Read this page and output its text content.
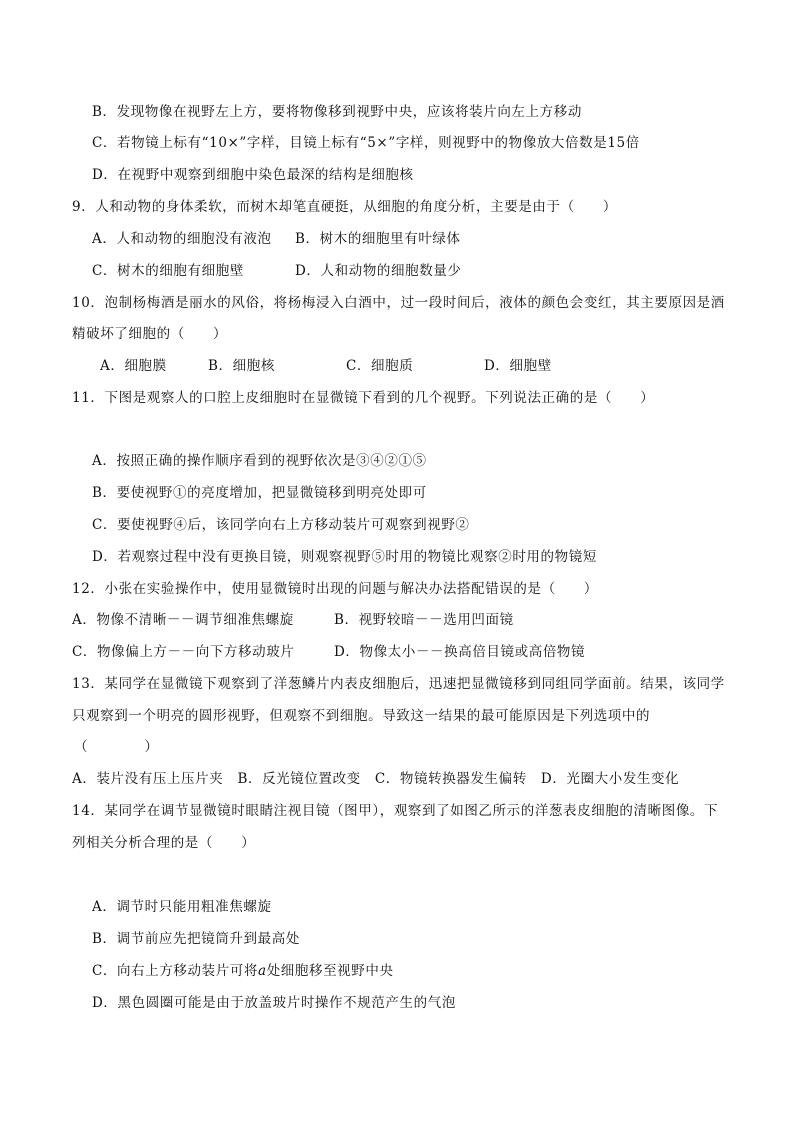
B．发现物像在视野左上方，要将物像移到视野中央，应该将装片向左上方移动
C．若物镜上标有“10×”字样，目镜上标有“5×”字样，则视野中的物像放大倍数是15倍
D．在视野中观察到细胞中染色最深的结构是细胞核
9．人和动物的身体柔软，而树木却笔直硬挺，从细胞的角度分析，主要是由于（　　）
A．人和动物的细胞没有液泡 B．树木的细胞里有叶绿体
C．树木的细胞有细胞壁	D．人和动物的细胞数量少
10．泡制杨梅酒是丽水的风俗，将杨梅浸入白酒中，过一段时间后，液体的颜色会变红，其主要原因是酒
精破坏了细胞的（　　）
A．细胞膜	B．细胞核	C．细胞质	D．细胞壁
11．下图是观察人的口腔上皮细胞时在显微镜下看到的几个视野。下列说法正确的是（　　）
A．按照正确的操作顺序看到的视野依次是③④②①⑤
B．要使视野①的亮度增加，把显微镜移到明亮处即可
C．要使视野④后，该同学向右上方移动装片可观察到视野②
D．若观察过程中没有更换目镜，则观察视野⑤时用的物镜比观察②时用的物镜短
12．小张在实验操作中，使用显微镜时出现的问题与解决办法搭配错误的是（　　）
A．物像不清晰－－调节细准焦螺旋	B．视野较暗－－选用凹面镜
C．物像偏上方－－向下方移动玻片	D．物像太小－－换高倍目镜或高倍物镜
13．某同学在显微镜下观察到了洋葱鳞片内表皮细胞后，迅速把显微镜移到同组同学面前。结果，该同学
只观察到一个明亮的圆形视野，但观察不到细胞。导致这一结果的最可能原因是下列选项中的
（　　　　）
A．装片没有压上压片夹　B．反光镜位置改变　C．物镜转换器发生偏转　D．光圈大小发生变化
14．某同学在调节显微镜时眼睛注视目镜（图甲），观察到了如图乙所示的洋葱表皮细胞的清晰图像。下
列相关分析合理的是（　　）
A．调节时只能用粗准焦螺旋
B．调节前应先把镜筒升到最高处
C．向右上方移动装片可将a处细胞移至视野中央
D．黑色圆圈可能是由于放盖玻片时操作不规范产生的气泡
